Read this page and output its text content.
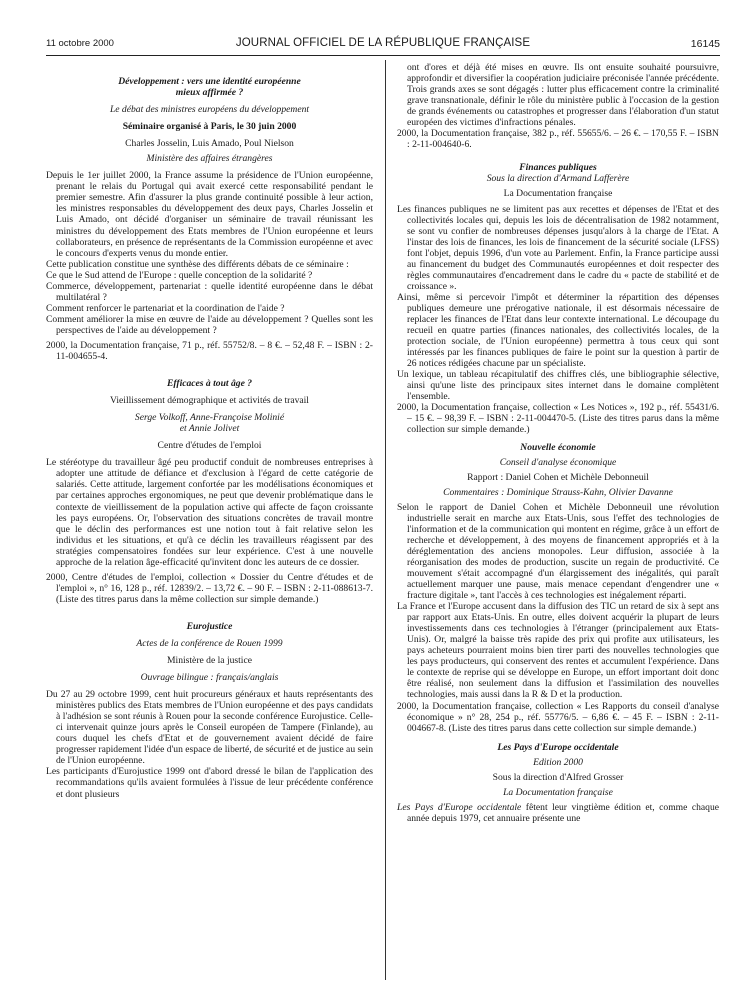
11 octobre 2000	JOURNAL OFFICIEL DE LA RÉPUBLIQUE FRANÇAISE	16145

Développement : vers une identité européenne

mieux affirmée ?

Le débat des ministres européens du développement

Séminaire organisé à Paris, le 30 juin 2000

Charles Josselin, Luis Amado, Poul Nielson

Ministère des affaires étrangères

Depuis le 1er juillet 2000, la France assume la présidence de l'Union européenne, prenant le relais du Portugal qui avait exercé cette responsabilité pendant le premier semestre. Afin d'assurer la plus grande continuité possible à leur action, les ministres responsables du développement des deux pays, Charles Josselin et Luis Amado, ont décidé d'organiser un séminaire de travail réunissant les ministres du développement des Etats membres de l'Union européenne et leurs collaborateurs, en présence de représentants de la Commission européenne et avec le concours d'experts venus du monde entier.

Cette publication constitue une synthèse des différents débats de ce séminaire :

Ce que le Sud attend de l'Europe : quelle conception de la solidarité ?

Commerce, développement, partenariat : quelle identité européenne dans le débat multilatéral ?

Comment renforcer le partenariat et la coordination de l'aide ?

Comment améliorer la mise en œuvre de l'aide au développement ? Quelles sont les perspectives de l'aide au développement ?

2000, la Documentation française, 71 p., réf. 55752/8. – 8 €. – 52,48 F. – ISBN : 2-11-004655-4.

Efficaces à tout âge ?

Vieillissement démographique et activités de travail

Serge Volkoff, Anne-Françoise Molinié

et Annie Jolivet

Centre d'études de l'emploi

Le stéréotype du travailleur âgé peu productif conduit de nombreuses entreprises à adopter une attitude de défiance et d'exclusion à l'égard de cette catégorie de salariés. Cette attitude, largement confortée par les modélisations économiques et par certaines approches ergonomiques, ne peut que devenir problématique dans le contexte de vieillissement de la population active qui affecte de façon croissante les pays européens. Or, l'observation des situations concrètes de travail montre que le déclin des performances est une notion tout à fait relative selon les individus et les situations, et qu'à ce déclin les travailleurs réagissent par des stratégies compensatoires fondées sur leur expérience. C'est à une nouvelle approche de la relation âge-efficacité qu'invitent donc les auteurs de ce dossier.

2000, Centre d'études de l'emploi, collection « Dossier du Centre d'études et de l'emploi », n° 16, 128 p., réf. 12839/2. – 13,72 €. – 90 F. – ISBN : 2-11-088613-7. (Liste des titres parus dans la même collection sur simple demande.)

Eurojustice

Actes de la conférence de Rouen 1999

Ministère de la justice

Ouvrage bilingue : français/anglais

Du 27 au 29 octobre 1999, cent huit procureurs généraux et hauts représentants des ministères publics des Etats membres de l'Union européenne et des pays candidats à l'adhésion se sont réunis à Rouen pour la seconde conférence Eurojustice. Celle-ci intervenait quinze jours après le Conseil européen de Tampere (Finlande), au cours duquel les chefs d'Etat et de gouvernement avaient décidé de faire progresser rapidement l'idée d'un espace de liberté, de sécurité et de justice au sein de l'Union européenne.

Les participants d'Eurojustice 1999 ont d'abord dressé le bilan de l'application des recommandations qu'ils avaient formulées à l'issue de leur précédente conférence et dont plusieurs

ont d'ores et déjà été mises en œuvre. Ils ont ensuite souhaité poursuivre, approfondir et diversifier la coopération judiciaire préconisée l'année précédente. Trois grands axes se sont dégagés : lutter plus efficacement contre la criminalité grave transnationale, définir le rôle du ministère public à l'occasion de la gestion de grands événements ou catastrophes et progresser dans l'élaboration d'un statut européen des victimes d'infractions pénales.

2000, la Documentation française, 382 p., réf. 55655/6. – 26 €. – 170,55 F. – ISBN : 2-11-004640-6.

Finances publiques

Sous la direction d'Armand Lafferère

La Documentation française

Les finances publiques ne se limitent pas aux recettes et dépenses de l'Etat et des collectivités locales qui, depuis les lois de décentralisation de 1982 notamment, se sont vu confier de nombreuses dépenses jusqu'alors à la charge de l'Etat. A l'instar des lois de finances, les lois de financement de la sécurité sociale (LFSS) font l'objet, depuis 1996, d'un vote au Parlement. Enfin, la France participe aussi au financement du budget des Communautés européennes et doit respecter des règles communautaires d'encadrement dans le cadre du « pacte de stabilité et de croissance ».

Ainsi, même si percevoir l'impôt et déterminer la répartition des dépenses publiques demeure une prérogative nationale, il est désormais nécessaire de replacer les finances de l'Etat dans leur contexte international. Le découpage du recueil en quatre parties (finances nationales, des collectivités locales, de la protection sociale, de l'Union européenne) permettra à tous ceux qui sont intéressés par les finances publiques de faire le point sur la question à partir de 26 notices rédigées chacune par un spécialiste.

Un lexique, un tableau récapitulatif des chiffres clés, une bibliographie sélective, ainsi qu'une liste des principaux sites internet dans le domaine complètent l'ensemble.

2000, la Documentation française, collection « Les Notices », 192 p., réf. 55431/6. – 15 €. – 98,39 F. – ISBN : 2-11-004470-5. (Liste des titres parus dans la même collection sur simple demande.)

Nouvelle économie

Conseil d'analyse économique

Rapport : Daniel Cohen et Michèle Debonneuil

Commentaires : Dominique Strauss-Kahn, Olivier Davanne

Selon le rapport de Daniel Cohen et Michèle Debonneuil une révolution industrielle serait en marche aux Etats-Unis, sous l'effet des technologies de l'information et de la communication qui montent en régime, grâce à un effort de recherche et développement, à des moyens de financement appropriés et à la déréglementation des anciens monopoles. Leur diffusion, associée à la réorganisation des modes de production, suscite un regain de productivité. Ce mouvement s'était accompagné d'un élargissement des inégalités, qui paraît actuellement marquer une pause, mais menace cependant d'engendrer une « fracture digitale », tant l'accès à ces technologies est inégalement réparti.

La France et l'Europe accusent dans la diffusion des TIC un retard de six à sept ans par rapport aux Etats-Unis. En outre, elles doivent acquérir la plupart de leurs investissements dans ces technologies à l'étranger (principalement aux Etats-Unis). Or, malgré la baisse très rapide des prix qui profite aux utilisateurs, les pays acheteurs pourraient moins bien tirer parti des nouvelles technologies que les pays producteurs, qui conservent des rentes et accumulent l'expérience. Dans le contexte de reprise qui se développe en Europe, un effort important doit donc être réalisé, non seulement dans la diffusion et l'assimilation des nouvelles technologies, mais aussi dans la R & D et la production.

2000, la Documentation française, collection « Les Rapports du conseil d'analyse économique » n° 28, 254 p., réf. 55776/5. – 6,86 €. – 45 F. – ISBN : 2-11-004667-8. (Liste des titres parus dans cette collection sur simple demande.)

Les Pays d'Europe occidentale

Edition 2000

Sous la direction d'Alfred Grosser

La Documentation française

Les Pays d'Europe occidentale fêtent leur vingtième édition et, comme chaque année depuis 1979, cet annuaire présente une
